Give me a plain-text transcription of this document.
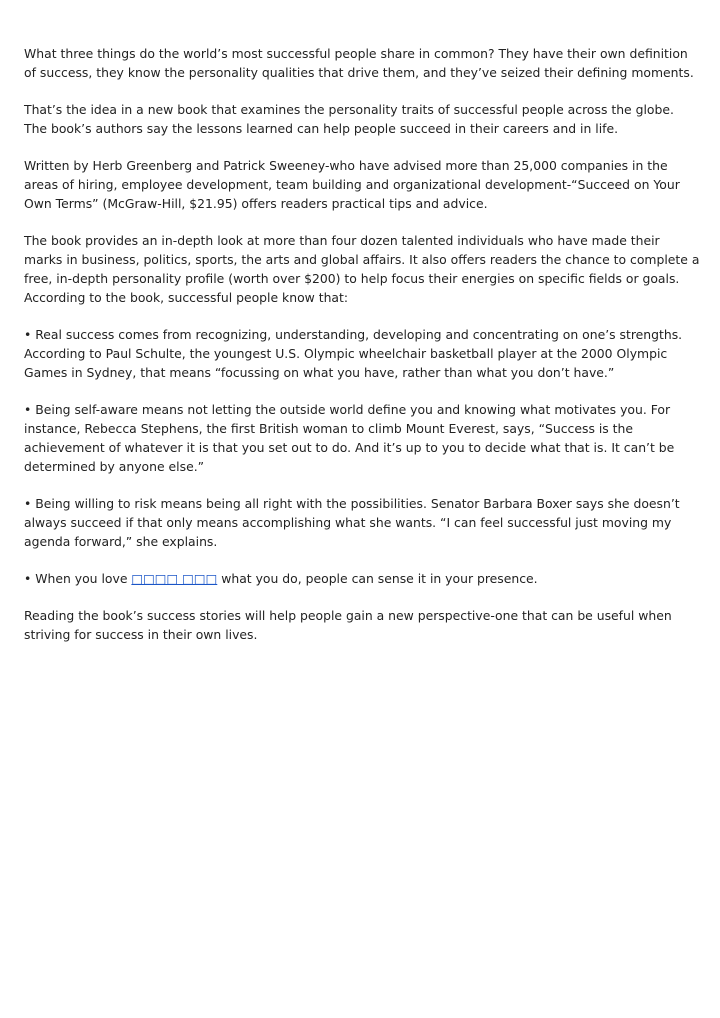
What three things do the world’s most successful people share in common? They have their own definition of success, they know the personality qualities that drive them, and they’ve seized their defining moments.

That’s the idea in a new book that examines the personality traits of successful people across the globe. The book’s authors say the lessons learned can help people succeed in their careers and in life.

Written by Herb Greenberg and Patrick Sweeney-who have advised more than 25,000 companies in the areas of hiring, employee development, team building and organizational development-“Succeed on Your Own Terms” (McGraw-Hill, $21.95) offers readers practical tips and advice.

The book provides an in-depth look at more than four dozen talented individuals who have made their marks in business, politics, sports, the arts and global affairs. It also offers readers the chance to complete a free, in-depth personality profile (worth over $200) to help focus their energies on specific fields or goals. According to the book, successful people know that:

• Real success comes from recognizing, understanding, developing and concentrating on one’s strengths. According to Paul Schulte, the youngest U.S. Olympic wheelchair basketball player at the 2000 Olympic Games in Sydney, that means “focussing on what you have, rather than what you don’t have.”

• Being self-aware means not letting the outside world define you and knowing what motivates you. For instance, Rebecca Stephens, the first British woman to climb Mount Everest, says, “Success is the achievement of whatever it is that you set out to do. And it’s up to you to decide what that is. It can’t be determined by anyone else.”

• Being willing to risk means being all right with the possibilities. Senator Barbara Boxer says she doesn’t always succeed if that only means accomplishing what she wants. “I can feel successful just moving my agenda forward,” she explains.

• When you love □□□□ □□□ what you do, people can sense it in your presence.

Reading the book’s success stories will help people gain a new perspective-one that can be useful when striving for success in their own lives.
